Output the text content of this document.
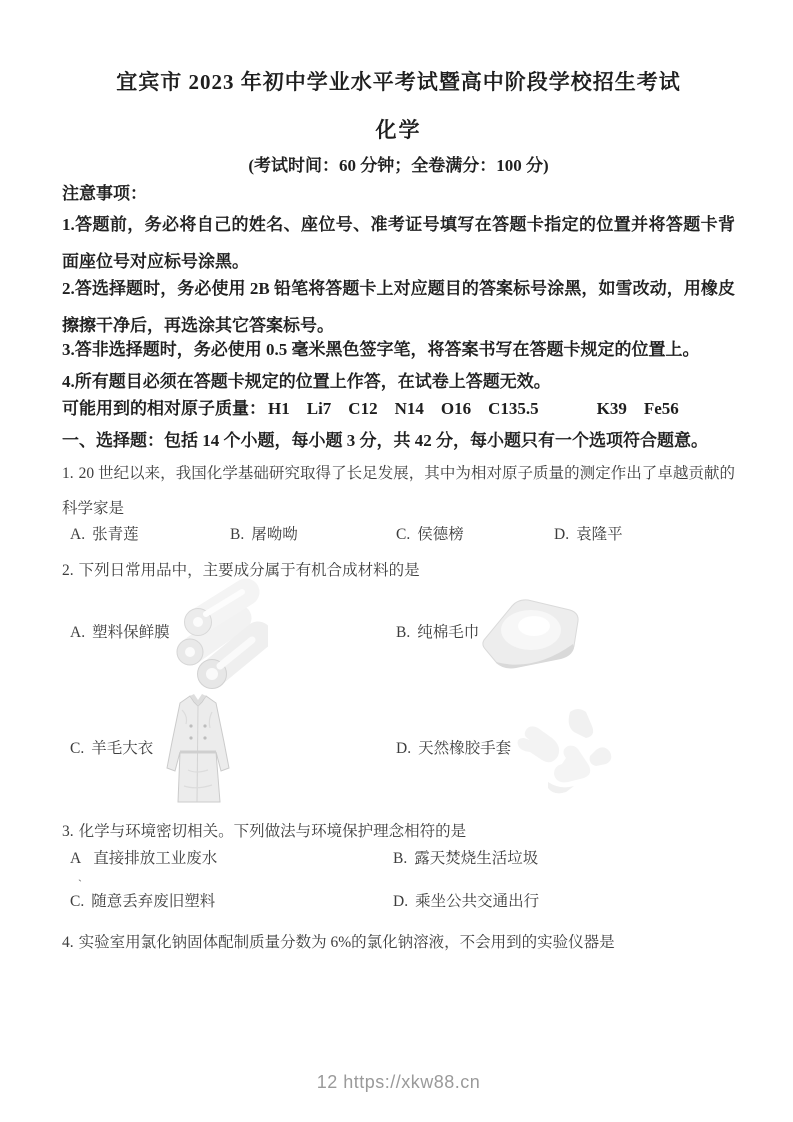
宜宾市 2023 年初中学业水平考试暨高中阶段学校招生考试
化学
(考试时间：60 分钟；全卷满分：100 分)
注意事项：
1.答题前，务必将自己的姓名、座位号、准考证号填写在答题卡指定的位置并将答题卡背面座位号对应标号涂黑。
2.答选择题时，务必使用 2B 铅笔将答题卡上对应题目的答案标号涂黑，如雪改动，用橡皮擦擦干净后，再选涂其它答案标号。
3.答非选择题时，务必使用 0.5 毫米黑色签字笔，将答案书写在答题卡规定的位置上。
4.所有题目必须在答题卡规定的位置上作答，在试卷上答题无效。
可能用到的相对原子质量： H1 Li7 C12 N14 O16 C135.5	K39 Fe56
一、选择题：包括 14 个小题，每小题 3 分，共 42 分，每小题只有一个选项符合题意。
1. 20 世纪以来，我国化学基础研究取得了长足发展，其中为相对原子质量的测定作出了卓越贡献的科学家是
A. 张青莲	B. 屠呦呦	C. 侯德榜	D. 袁隆平
2. 下列日常用品中，主要成分属于有机合成材料的是
A. 塑料保鲜膜	B. 纯棉毛巾
C. 羊毛大衣	D. 天然橡胶手套
3. 化学与环境密切相关。下列做法与环境保护理念相符的是
A 直接排放工业废水
ˎ
B. 露天焚烧生活垃圾
C. 随意丢弃废旧塑料	D. 乘坐公共交通出行
4. 实验室用氯化钠固体配制质量分数为 6%的氯化钠溶液，不会用到的实验仪器是
12 https://xkw88.cn
